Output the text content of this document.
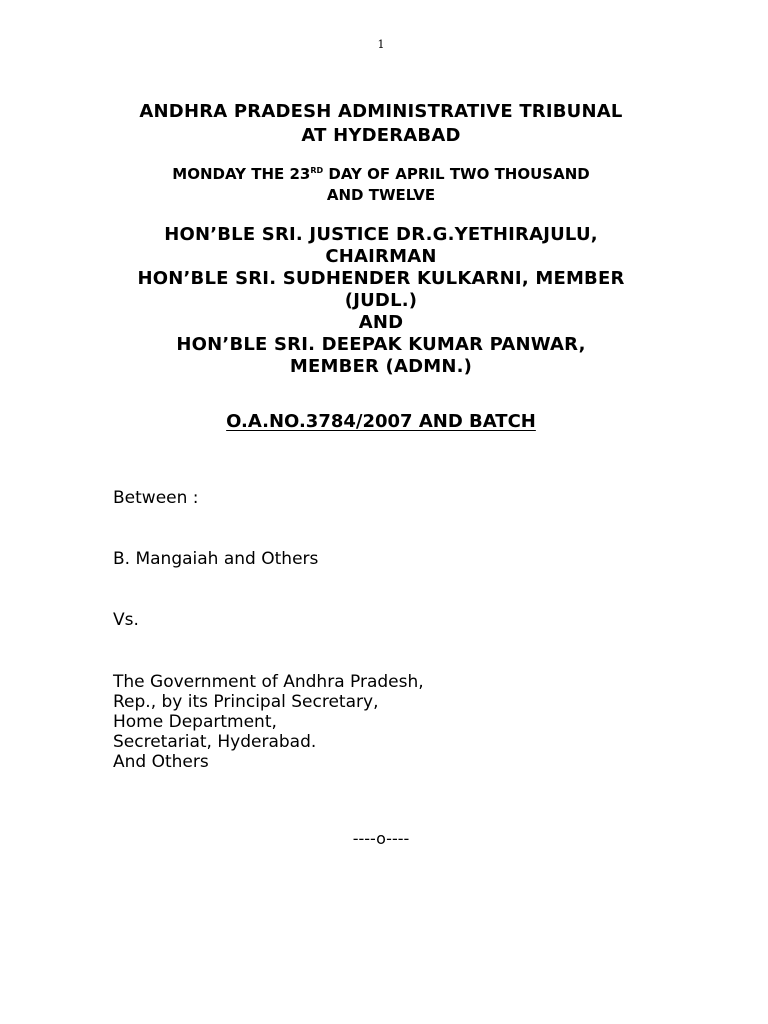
1
ANDHRA PRADESH ADMINISTRATIVE TRIBUNAL
AT HYDERABAD
MONDAY THE 23RD DAY OF APRIL TWO THOUSAND
AND TWELVE
HON’BLE SRI. JUSTICE DR.G.YETHIRAJULU,
CHAIRMAN
HON’BLE SRI. SUDHENDER KULKARNI, MEMBER
(JUDL.)
AND
HON’BLE SRI. DEEPAK KUMAR PANWAR,
MEMBER (ADMN.)
O.A.NO.3784/2007 AND BATCH
Between :
B. Mangaiah and Others
Vs.
The Government of Andhra Pradesh,
Rep., by its Principal Secretary,
Home Department,
Secretariat, Hyderabad.
And Others
----o----
